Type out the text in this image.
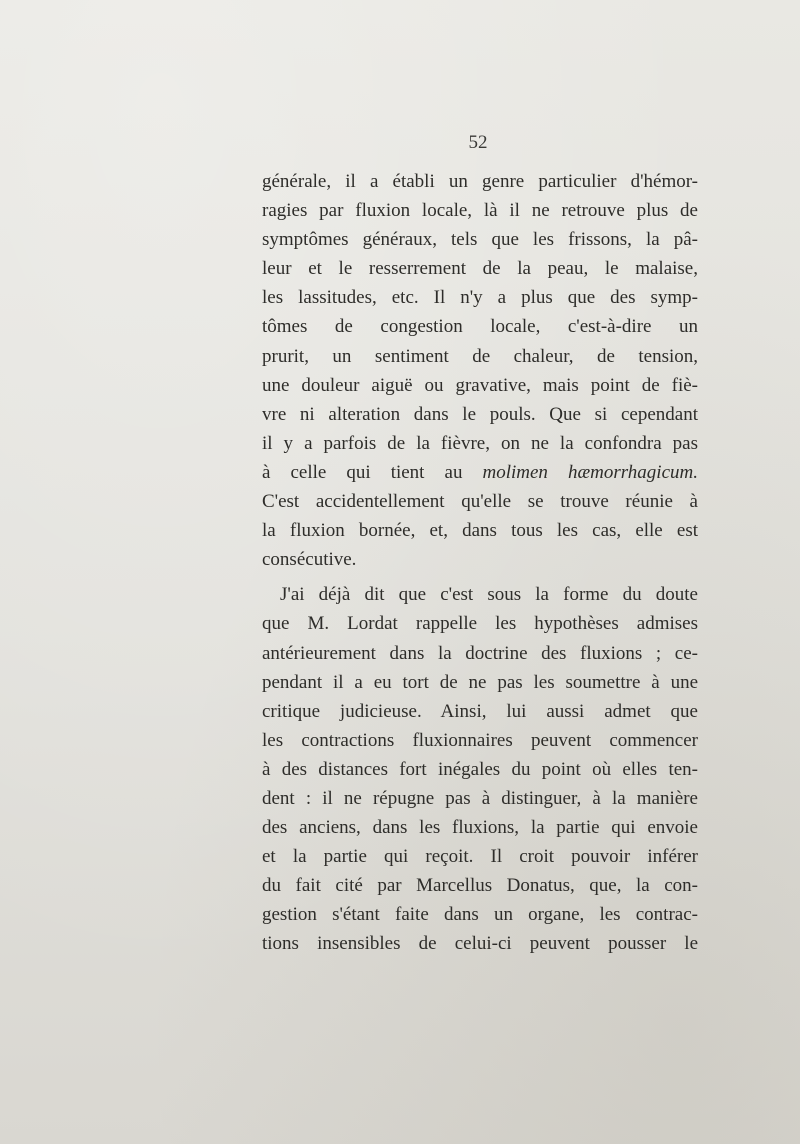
52
générale, il a établi un genre particulier d'hémor-
ragies par fluxion locale, là il ne retrouve plus de
symptômes généraux, tels que les frissons, la pâ-
leur et le resserrement de la peau, le malaise,
les lassitudes, etc. Il n'y a plus que des symp-
tômes de congestion locale, c'est-à-dire un
prurit, un sentiment de chaleur, de tension,
une douleur aiguë ou gravative, mais point de fiè-
vre ni alteration dans le pouls. Que si cependant
il y a parfois de la fièvre, on ne la confondra pas
à celle qui tient au molimen hæmorrhagicum.
C'est accidentellement qu'elle se trouve réunie à
la fluxion bornée, et, dans tous les cas, elle est
consécutive.
J'ai déjà dit que c'est sous la forme du doute
que M. Lordat rappelle les hypothèses admises
antérieurement dans la doctrine des fluxions ; ce-
pendant il a eu tort de ne pas les soumettre à une
critique judicieuse. Ainsi, lui aussi admet que
les contractions fluxionnaires peuvent commencer
à des distances fort inégales du point où elles ten-
dent : il ne répugne pas à distinguer, à la manière
des anciens, dans les fluxions, la partie qui envoie
et la partie qui reçoit. Il croit pouvoir inférer
du fait cité par Marcellus Donatus, que, la con-
gestion s'étant faite dans un organe, les contrac-
tions insensibles de celui-ci peuvent pousser le
